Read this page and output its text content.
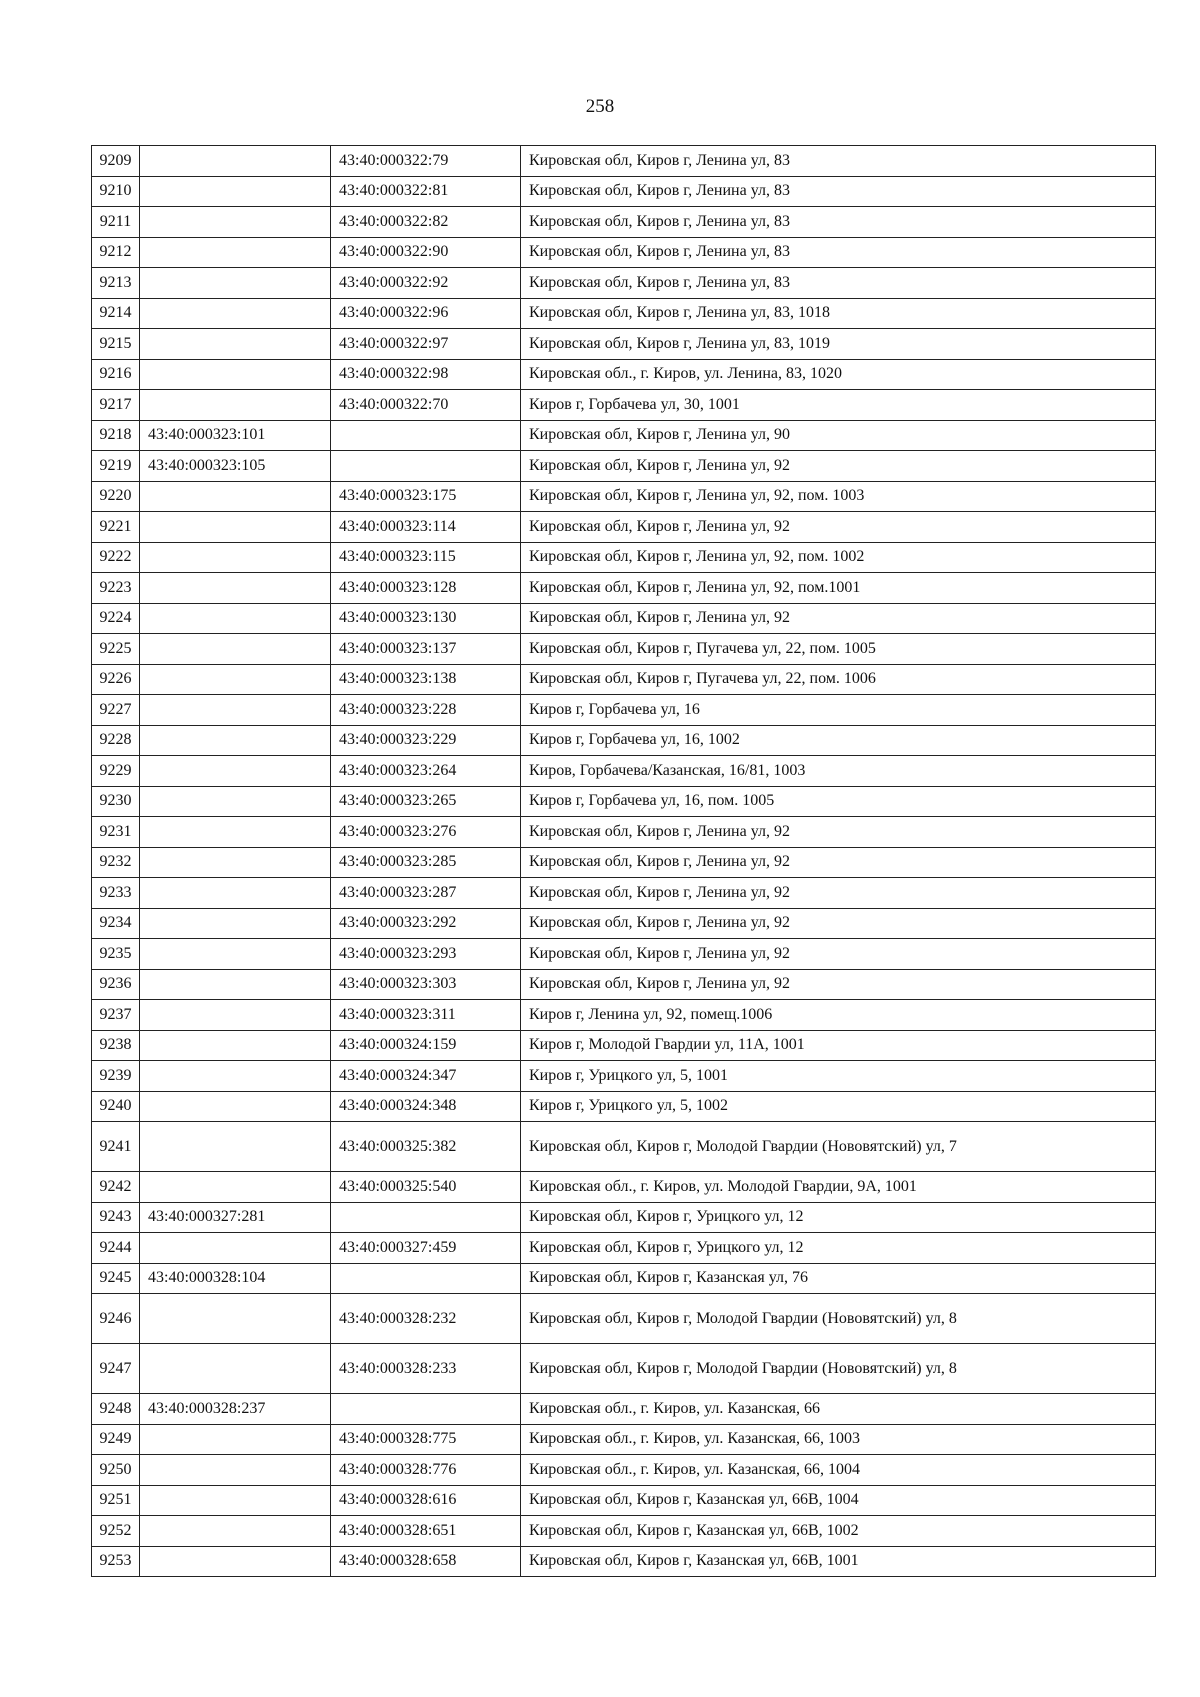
258
9209		43:40:000322:79	Кировская обл, Киров г, Ленина ул, 83
9210		43:40:000322:81	Кировская обл, Киров г, Ленина ул, 83
9211		43:40:000322:82	Кировская обл, Киров г, Ленина ул, 83
9212		43:40:000322:90	Кировская обл, Киров г, Ленина ул, 83
9213		43:40:000322:92	Кировская обл, Киров г, Ленина ул, 83
9214		43:40:000322:96	Кировская обл, Киров г, Ленина ул, 83, 1018
9215		43:40:000322:97	Кировская обл, Киров г, Ленина ул, 83, 1019
9216		43:40:000322:98	Кировская обл., г. Киров, ул. Ленина, 83, 1020
9217		43:40:000322:70	Киров г, Горбачева ул, 30, 1001
9218	43:40:000323:101		Кировская обл, Киров г, Ленина ул, 90
9219	43:40:000323:105		Кировская обл, Киров г, Ленина ул, 92
9220		43:40:000323:175	Кировская обл, Киров г, Ленина ул, 92, пом. 1003
9221		43:40:000323:114	Кировская обл, Киров г, Ленина ул, 92
9222		43:40:000323:115	Кировская обл, Киров г, Ленина ул, 92, пом. 1002
9223		43:40:000323:128	Кировская обл, Киров г, Ленина ул, 92, пом.1001
9224		43:40:000323:130	Кировская обл, Киров г, Ленина ул, 92
9225		43:40:000323:137	Кировская обл, Киров г, Пугачева ул, 22, пом. 1005
9226		43:40:000323:138	Кировская обл, Киров г, Пугачева ул, 22, пом. 1006
9227		43:40:000323:228	Киров г, Горбачева ул, 16
9228		43:40:000323:229	Киров г, Горбачева ул, 16, 1002
9229		43:40:000323:264	Киров, Горбачева/Казанская, 16/81, 1003
9230		43:40:000323:265	Киров г, Горбачева ул, 16, пом. 1005
9231		43:40:000323:276	Кировская обл, Киров г, Ленина ул, 92
9232		43:40:000323:285	Кировская обл, Киров г, Ленина ул, 92
9233		43:40:000323:287	Кировская обл, Киров г, Ленина ул, 92
9234		43:40:000323:292	Кировская обл, Киров г, Ленина ул, 92
9235		43:40:000323:293	Кировская обл, Киров г, Ленина ул, 92
9236		43:40:000323:303	Кировская обл, Киров г, Ленина ул, 92
9237		43:40:000323:311	Киров г, Ленина ул, 92, помещ.1006
9238		43:40:000324:159	Киров г, Молодой Гвардии ул, 11А, 1001
9239		43:40:000324:347	Киров г, Урицкого ул, 5, 1001
9240		43:40:000324:348	Киров г, Урицкого ул, 5, 1002
9241		43:40:000325:382	Кировская обл, Киров г, Молодой Гвардии (Нововятский) ул, 7
9242		43:40:000325:540	Кировская обл., г. Киров, ул. Молодой Гвардии, 9А, 1001
9243	43:40:000327:281		Кировская обл, Киров г, Урицкого ул, 12
9244		43:40:000327:459	Кировская обл, Киров г, Урицкого ул, 12
9245	43:40:000328:104		Кировская обл, Киров г, Казанская ул, 76
9246		43:40:000328:232	Кировская обл, Киров г, Молодой Гвардии (Нововятский) ул, 8
9247		43:40:000328:233	Кировская обл, Киров г, Молодой Гвардии (Нововятский) ул, 8
9248	43:40:000328:237		Кировская обл., г. Киров, ул. Казанская, 66
9249		43:40:000328:775	Кировская обл., г. Киров, ул. Казанская, 66, 1003
9250		43:40:000328:776	Кировская обл., г. Киров, ул. Казанская, 66, 1004
9251		43:40:000328:616	Кировская обл, Киров г, Казанская ул, 66В, 1004
9252		43:40:000328:651	Кировская обл, Киров г, Казанская ул, 66В, 1002
9253		43:40:000328:658	Кировская обл, Киров г, Казанская ул, 66В, 1001
